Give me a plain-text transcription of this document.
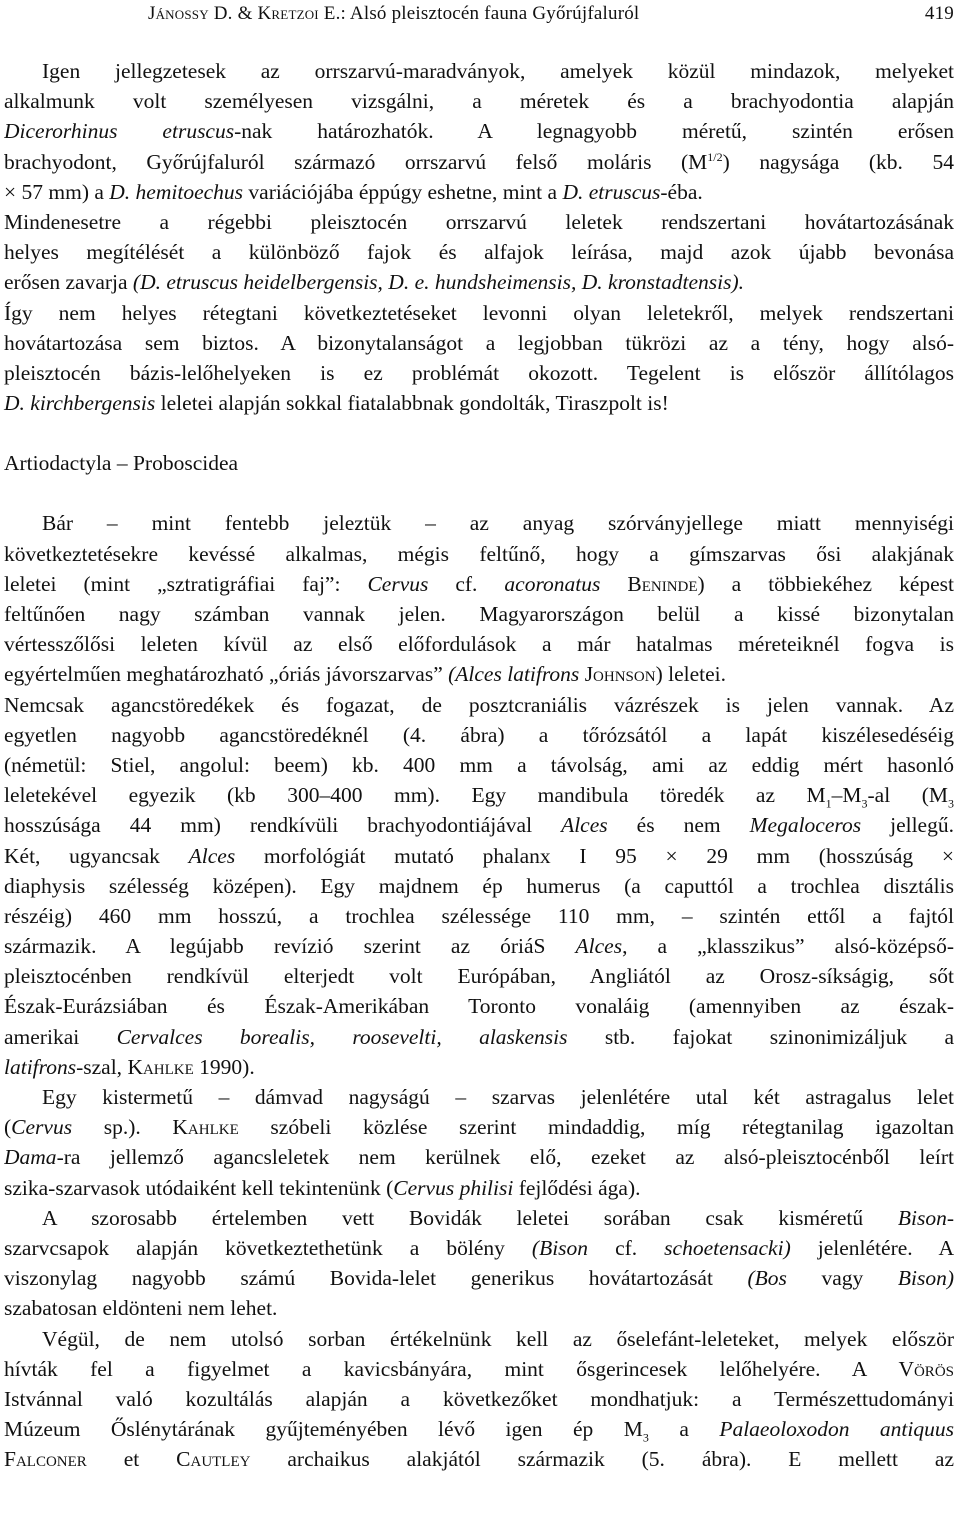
Jánossy D. & Kretzoi E.: Alsó pleisztocén fauna Győrújfaluról	419
Igen jellegzetesek az orrszarvú-maradványok, amelyek közül mindazok, melyeket
alkalmunk volt személyesen vizsgálni, a méretek és a brachyodontia alapján
Dicerorhinus etruscus-nak határozhatók. A legnagyobb méretű, szintén erősen
brachyodont, Győrújfaluról származó orrszarvú felső moláris $(M^{1/2})$ nagysága (kb. 54
× 57 mm) a D. hemitoechus variációjába éppúgy eshetne, mint a D. etruscus-éba.
Mindenesetre a régebbi pleisztocén orrszarvú leletek rendszertani hovátartozásának
helyes megítélését a különböző fajok és alfajok leírása, majd azok újabb bevonása
erősen zavarja (D. etruscus heidelbergensis, D. e. hundsheimensis, D. kronstadtensis).
Így nem helyes rétegtani következtetéseket levonni olyan leletekről, melyek rendszertani
hovátartozása sem biztos. A bizonytalanságot a legjobban tükrözi az a tény, hogy alsó-
pleisztocén bázis-lelőhelyeken is ez problémát okozott. Tegelent is először állítólagos
D. kirchbergensis leletei alapján sokkal fiatalabbnak gondolták, Tiraszpolt is!
Artiodactyla – Proboscidea
Bár – mint fentebb jeleztük – az anyag szórványjellege miatt mennyiségi
következtetésekre kevéssé alkalmas, mégis feltűnő, hogy a gímszarvas ősi alakjának
leletei (mint „sztratigráfiai faj”: Cervus cf. acoronatus Beninde) a többiekéhez képest
feltűnően nagy számban vannak jelen. Magyarországon belül a kissé bizonytalan
vértesszőlősi leleten kívül az első előfordulások a már hatalmas méreteiknél fogva is
egyértelműen meghatározható „óriás jávorszarvas” (Alces latifrons Johnson) leletei.
Nemcsak agancstöredékek és fogazat, de posztcraniális vázrészek is jelen vannak. Az
egyetlen nagyobb agancstöredéknél (4. ábra) a tőrózsától a lapát kiszélesedéséig
(németül: Stiel, angolul: beem) kb. 400 mm a távolság, ami az eddig mért hasonló
leletekével egyezik (kb 300–400 mm). Egy mandibula töredék az $M_1-M_3-al$ ($M_3$
hosszúsága 44 mm) rendkívüli brachyodontiájával Alces és nem Megaloceros jellegű.
Két, ugyancsak Alces morfológiát mutató phalanx I 95 × 29 mm (hosszúság ×
diaphysis szélesség középen). Egy majdnem ép humerus (a caputtól a trochlea disztális
részéig) 460 mm hosszú, a trochlea szélessége 110 mm, – szintén ettől a fajtól
származik. A legújabb revízió szerint az óriáS Alces, a „klasszikus” alsó-középső-
pleisztocénben rendkívül elterjedt volt Európában, Angliától az Orosz-síkságig, sőt
Észak-Eurázsiában és Észak-Amerikában Toronto vonaláig (amennyiben az észak-
amerikai Cervalces borealis, roosevelti, alaskensis stb. fajokat szinonimizáljuk a
latifrons-szal, Kahlke 1990).
Egy kistermetű – dámvad nagyságú – szarvas jelenlétére utal két astragalus lelet
(Cervus sp.). Kahlke szóbeli közlése szerint mindaddig, míg rétegtanilag igazoltan
Dama-ra jellemző agancsleletek nem kerülnek elő, ezeket az alsó-pleisztocénből leírt
szika-szarvasok utódaiként kell tekintenünk (Cervus philisi fejlődési ága).
A szorosabb értelemben vett Bovidák leletei sorában csak kisméretű Bison-
szarvcsapok alapján következtethetünk a bölény (Bison cf. schoetensacki) jelenlétére. A
viszonylag nagyobb számú Bovida-lelet generikus hovátartozását (Bos vagy Bison)
szabatosan eldönteni nem lehet.
Végül, de nem utolsó sorban értékelnünk kell az őselefánt-leleteket, melyek először
hívták fel a figyelmet a kavicsbányára, mint ősgerincesek lelőhelyére. A Vörös
Istvánnal való kozultálás alapján a következőket mondhatjuk: a Természettudományi
Múzeum Őslénytárának gyűjteményében lévő igen ép $M_3$ a Palaeoloxodon antiquus
Falconer et Cautley archaikus alakjától származik (5. ábra). E mellett az
